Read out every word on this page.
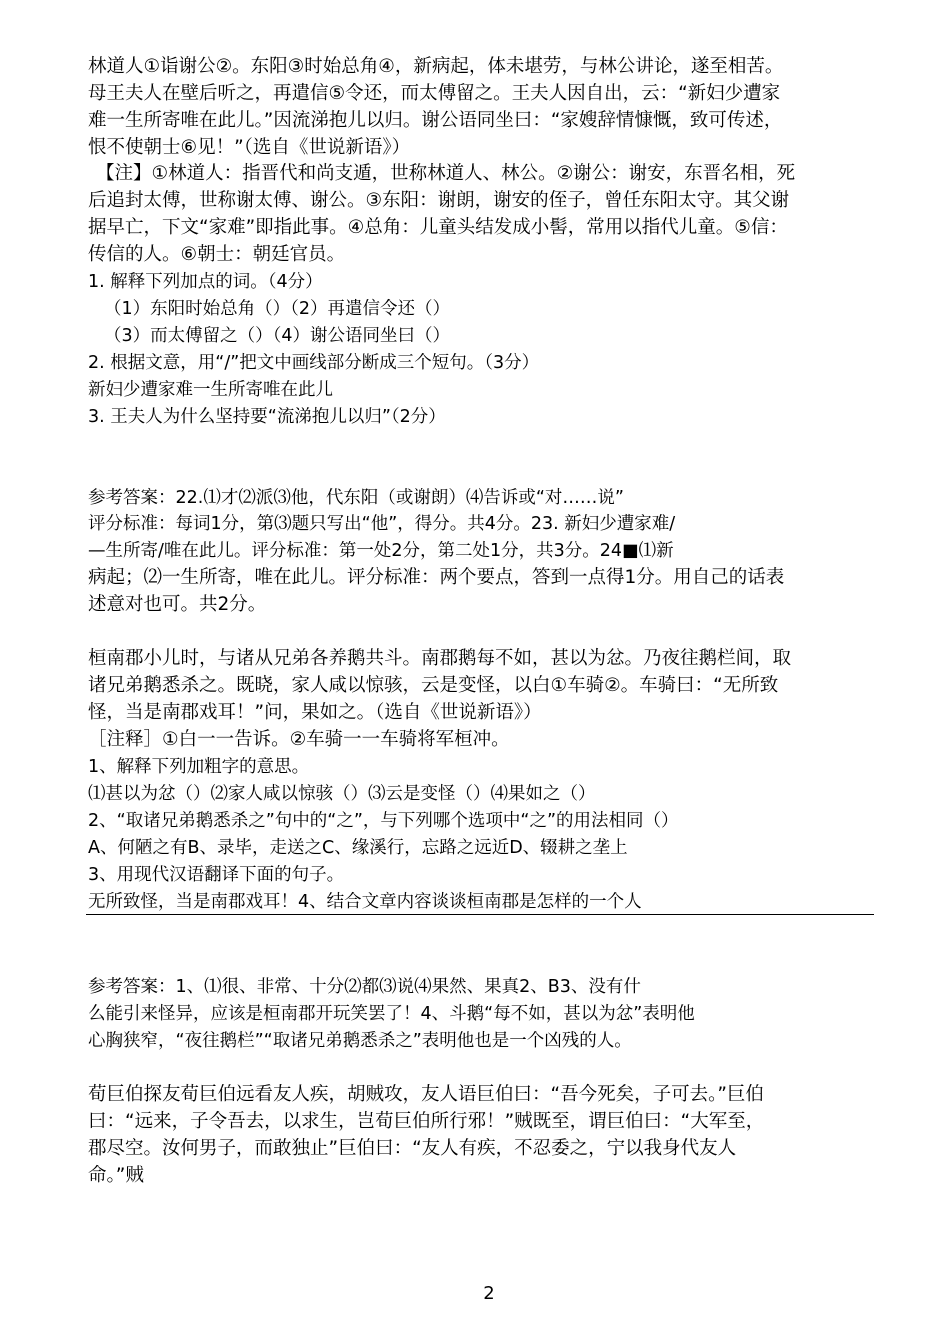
林道人①诣谢公②。东阳③时始总角④，新病起，体未堪劳，与林公讲论，遂至相苦。
母王夫人在壁后听之，再遣信⑤令还，而太傅留之。王夫人因自出，云：“新妇少遭家
难一生所寄唯在此儿。”因流涕抱儿以归。谢公语同坐曰：“家嫂辞情慷慨，致可传述，
恨不使朝士⑥见！”（选自《世说新语》）
【注】①林道人：指晋代和尚支遁，世称林道人、林公。②谢公：谢安，东晋名相，死
后追封太傅，世称谢太傅、谢公。③东阳：谢朗，谢安的侄子，曾任东阳太守。其父谢
据早亡，下文“家难”即指此事。④总角：儿童头结发成小髻，常用以指代儿童。⑤信：
传信的人。⑥朝士：朝廷官员。
1. 解释下列加点的词。（4分）
（1）东阳时始总角（）（2）再遣信令还（）
（3）而太傅留之（）（4）谢公语同坐曰（）
2. 根据文意，用“/”把文中画线部分断成三个短句。（3分）
新妇少遭家难一生所寄唯在此儿
3. 王夫人为什么坚持要“流涕抱儿以归”（2分）
参考答案：22.⑴才⑵派⑶他，代东阳（或谢朗）⑷告诉或“对……说”
评分标准：每词1分，第⑶题只写出“他”，得分。共4分。23. 新妇少遭家难/
—生所寄/唯在此儿。评分标准：第一处2分，第二处1分，共3分。24■⑴新
病起；⑵一生所寄，唯在此儿。评分标准：两个要点，答到一点得1分。用自己的话表
述意对也可。共2分。
桓南郡小儿时，与诸从兄弟各养鹅共斗。南郡鹅每不如，甚以为忿。乃夜往鹅栏间，取
诸兄弟鹅悉杀之。既晓，家人咸以惊骇，云是变怪，以白①车骑②。车骑曰：“无所致
怪，当是南郡戏耳！”问，果如之。（选自《世说新语》）
［注释］①白一一告诉。②车骑一一车骑将军桓冲。
1、解释下列加粗字的意思。
⑴甚以为忿（）⑵家人咸以惊骇（）⑶云是变怪（）⑷果如之（）
2、“取诸兄弟鹅悉杀之”句中的“之”，与下列哪个选项中“之”的用法相同（）
A、何陋之有B、录毕，走送之C、缘溪行，忘路之远近D、辍耕之垄上
3、用现代汉语翻译下面的句子。
无所致怪，当是南郡戏耳！4、结合文章内容谈谈桓南郡是怎样的一个人
参考答案：1、⑴很、非常、十分⑵都⑶说⑷果然、果真2、B3、没有什
么能引来怪异，应该是桓南郡开玩笑罢了！4、斗鹅“每不如，甚以为忿”表明他
心胸狭窄，“夜往鹅栏”“取诸兄弟鹅悉杀之”表明他也是一个凶残的人。
荀巨伯探友荀巨伯远看友人疾，胡贼攻，友人语巨伯曰：“吾今死矣，子可去。”巨伯
曰：“远来，子令吾去，以求生，岂荀巨伯所行邪！”贼既至，谓巨伯曰：“大军至，
郡尽空。汝何男子，而敢独止”巨伯曰：“友人有疾，不忍委之，宁以我身代友人
命。”贼
2
